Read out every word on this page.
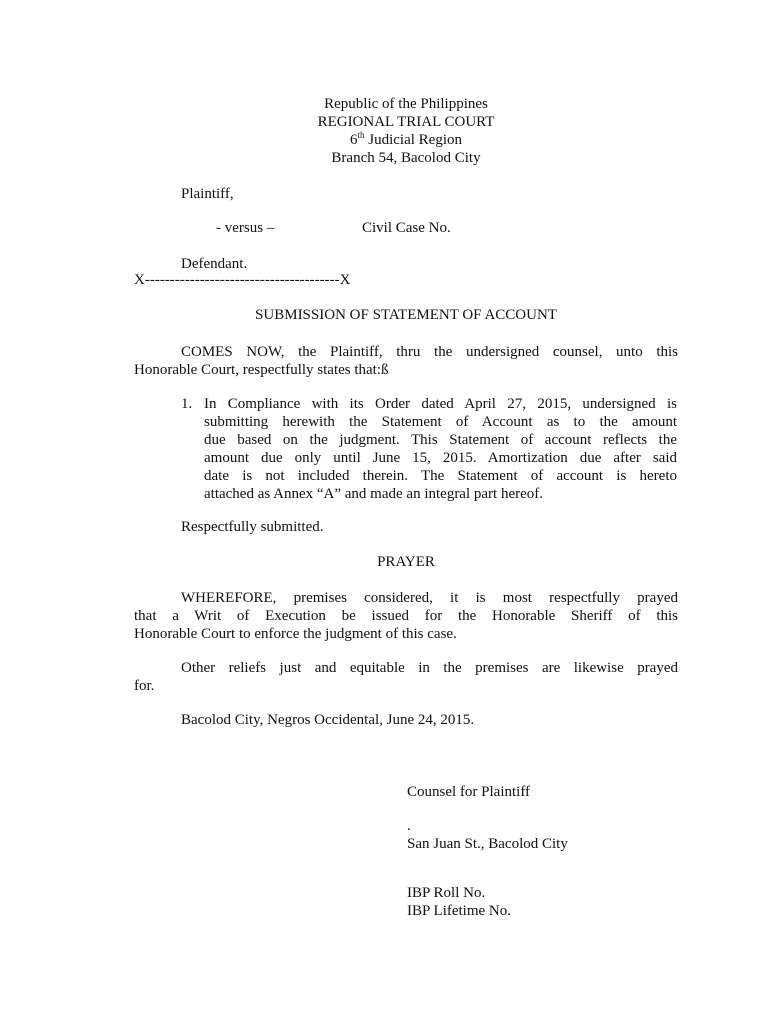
Republic of the Philippines
REGIONAL TRIAL COURT
6th Judicial Region
Branch 54, Bacolod City
Plaintiff,
- versus –	Civil Case No.
Defendant.
X---------------------------------------X
SUBMISSION OF STATEMENT OF ACCOUNT
COMES NOW, the Plaintiff, thru the undersigned counsel, unto this
Honorable Court, respectfully states that:ß
1. In Compliance with its Order dated April 27, 2015, undersigned is
submitting herewith the Statement of Account as to the amount
due based on the judgment. This Statement of account reflects the
amount due only until June 15, 2015. Amortization due after said
date is not included therein. The Statement of account is hereto
attached as Annex “A” and made an integral part hereof.
Respectfully submitted.
PRAYER
WHEREFORE, premises considered, it is most respectfully prayed
that a Writ of Execution be issued for the Honorable Sheriff of this
Honorable Court to enforce the judgment of this case.
Other reliefs just and equitable in the premises are likewise prayed
for.
Bacolod City, Negros Occidental, June 24, 2015.
Counsel for Plaintiff
.
San Juan St., Bacolod City
IBP Roll No.
IBP Lifetime No.
